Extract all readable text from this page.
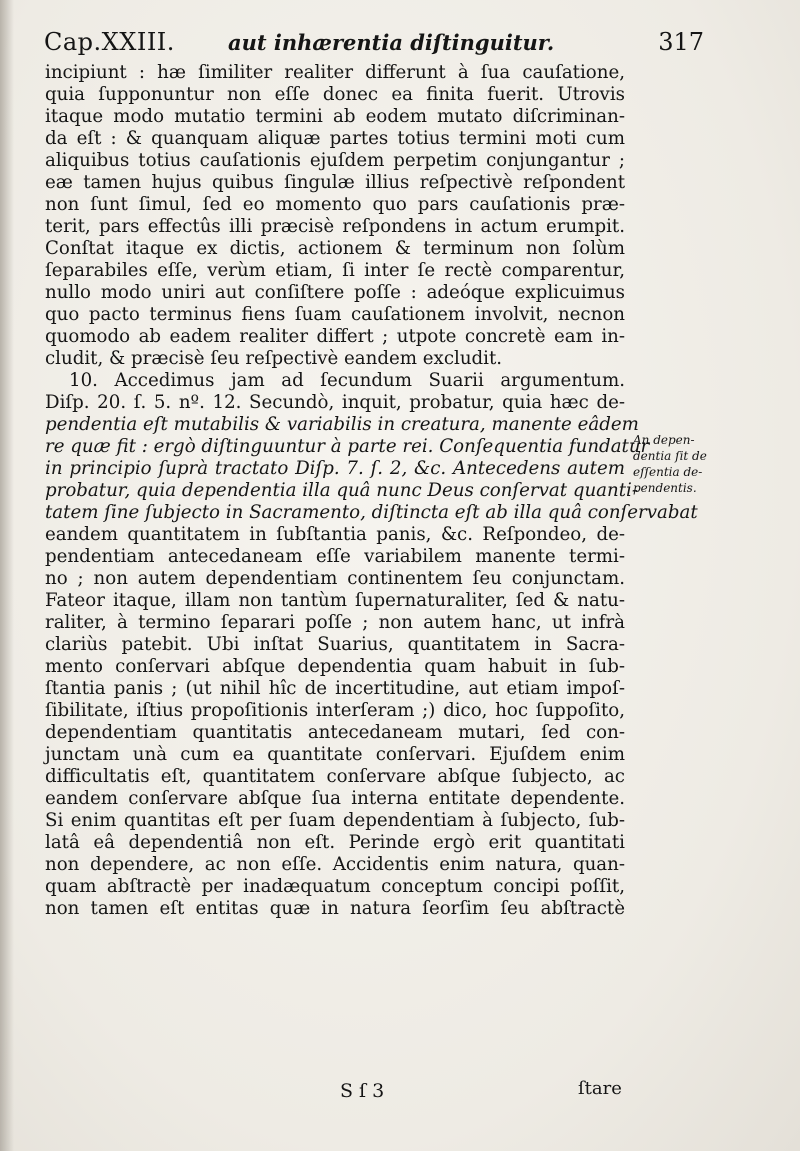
Cap.XXIII.	aut inhærentia diſtinguitur.	317
incipiunt : hæ ſimiliter realiter differunt à ſua cauſatione,
quia ſupponuntur non eſſe donec ea finita fuerit. Utrovis
itaque modo mutatio termini ab eodem mutato diſcriminan-
da eſt : & quanquam aliquæ partes totius termini moti cum
aliquibus totius cauſationis ejuſdem perpetim conjungantur ;
eæ tamen hujus quibus ſingulæ illius reſpectivè reſpondent
non ſunt ſimul, ſed eo momento quo pars cauſationis præ-
terit, pars effectûs illi præcisè reſpondens in actum erumpit.
Conſtat itaque ex dictis, actionem & terminum non ſolùm
ſeparabiles eſſe, verùm etiam, ſi inter ſe rectè comparentur,
nullo modo uniri aut conſiſtere poſſe : adeóque explicuimus
quo pacto terminus fiens ſuam cauſationem involvit, necnon
quomodo ab eadem realiter differt ; utpote concretè eam in-
cludit, & præcisè ſeu reſpectivè eandem excludit.
10. Accedimus jam ad ſecundum Suarii argumentum.
Diſp. 20. ſ. 5. nº. 12. Secundò, inquit, probatur, quia hæc de-
pendentia eſt mutabilis & variabilis in creatura, manente eâdem
re quæ fit : ergò diſtinguuntur à parte rei. Conſequentia fundatur
in principio ſuprà tractato Diſp. 7. ſ. 2, &c. Antecedens autem
probatur, quia dependentia illa quâ nunc Deus conſervat quanti-
tatem ſine ſubjecto in Sacramento, diſtincta eſt ab illa quâ conſervabat
eandem quantitatem in ſubſtantia panis, &c. Reſpondeo, de-
pendentiam antecedaneam eſſe variabilem manente termi-
no ; non autem dependentiam continentem ſeu conjunctam.
Fateor itaque, illam non tantùm ſupernaturaliter, ſed & natu-
raliter, à termino ſeparari poſſe ; non autem hanc, ut infrà
clariùs patebit. Ubi inſtat Suarius, quantitatem in Sacra-
mento conſervari abſque dependentia quam habuit in ſub-
ſtantia panis ; (ut nihil hîc de incertitudine, aut etiam impoſ-
ſibilitate, iſtius propoſitionis interſeram ;) dico, hoc ſuppoſito,
dependentiam quantitatis antecedaneam mutari, ſed con-
junctam unà cum ea quantitate conſervari. Ejuſdem enim
difficultatis eſt, quantitatem conſervare abſque ſubjecto, ac
eandem conſervare abſque ſua interna entitate dependente.
Si enim quantitas eſt per ſuam dependentiam à ſubjecto, ſub-
latâ eâ dependentiâ non eſt. Perinde ergò erit quantitati
non dependere, ac non eſſe. Accidentis enim natura, quan-
quam abſtractè per inadæquatum conceptum concipi poſſit,
non tamen eſt entitas quæ in natura ſeorſim ſeu abſtractè
An depen-
dentia ſit de
eſſentia de-
pendentis.
S ſ 3	ſtare
